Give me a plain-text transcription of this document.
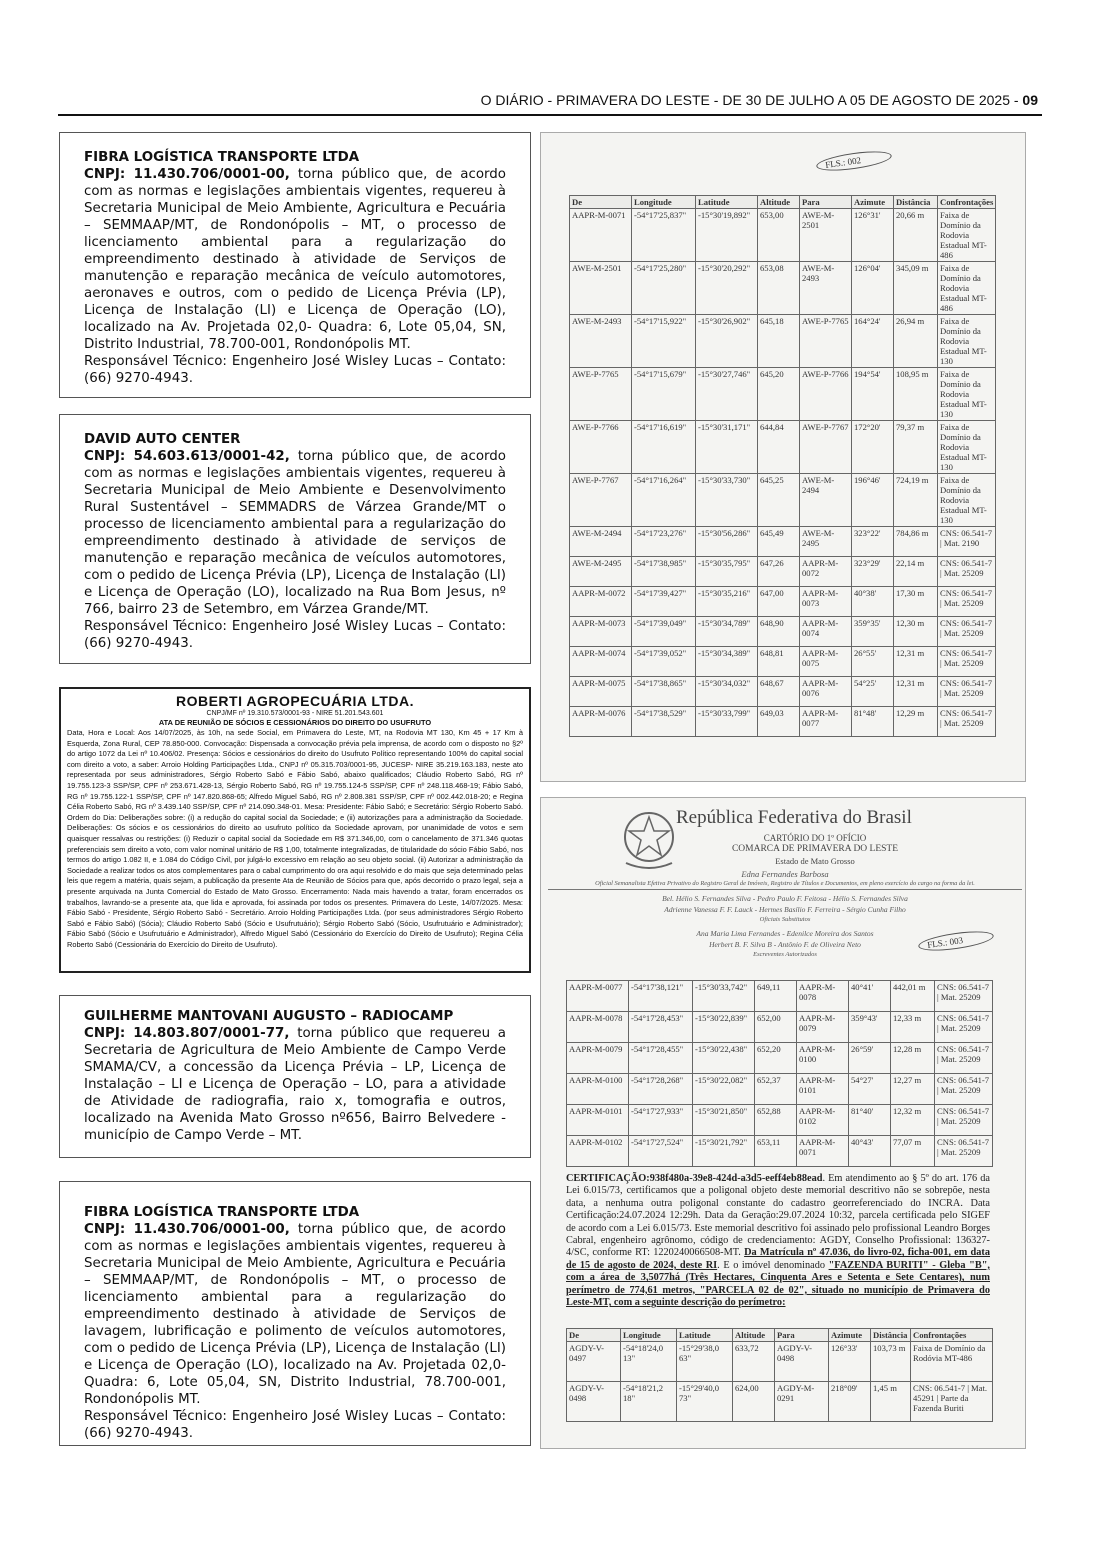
O DIÁRIO - PRIMAVERA DO LESTE - DE 30 DE JULHO A 05 DE AGOSTO DE 2025 - 09
FIBRA LOGÍSTICA TRANSPORTE LTDA
CNPJ: 11.430.706/0001-00, torna público que, de acordo com as normas e legislações ambientais vigentes, requereu à Secretaria Municipal de Meio Ambiente, Agricultura e Pecuária – SEMMAAP/MT, de Rondonópolis – MT, o processo de licenciamento ambiental para a regularização do empreendimento destinado à atividade de Serviços de manutenção e reparação mecânica de veículo automotores, aeronaves e outros, com o pedido de Licença Prévia (LP), Licença de Instalação (LI) e Licença de Operação (LO), localizado na Av. Projetada 02,0- Quadra: 6, Lote 05,04, SN, Distrito Industrial, 78.700-001, Rondonópolis MT.
Responsável Técnico: Engenheiro José Wisley Lucas – Contato: (66) 9270-4943.
DAVID AUTO CENTER
CNPJ: 54.603.613/0001-42, torna público que, de acordo com as normas e legislações ambientais vigentes, requereu à Secretaria Municipal de Meio Ambiente e Desenvolvimento Rural Sustentável – SEMMADRS de Várzea Grande/MT o processo de licenciamento ambiental para a regularização do empreendimento destinado à atividade de serviços de manutenção e reparação mecânica de veículos automotores, com o pedido de Licença Prévia (LP), Licença de Instalação (LI) e Licença de Operação (LO), localizado na Rua Bom Jesus, nº 766, bairro 23 de Setembro, em Várzea Grande/MT.
Responsável Técnico: Engenheiro José Wisley Lucas – Contato: (66) 9270-4943.
ROBERTI AGROPECUÁRIA LTDA.
CNPJ/MF nº 19.310.573/0001-93 - NIRE 51.201.543.601
ATA DE REUNIÃO DE SÓCIOS E CESSIONÁRIOS DO DIREITO DO USUFRUTO
Data, Hora e Local: Aos 14/07/2025, às 10h, na sede Social, em Primavera do Leste, MT, na Rodovia MT 130, Km 45 + 17 Km à Esquerda, Zona Rural, CEP 78.850-000. Convocação: Dispensada a convocação prévia pela imprensa, de acordo com o disposto no §2º do artigo 1072 da Lei nº 10.406/02. Presença: Sócios e cessionários do direito do Usufruto Político representando 100% do capital social com direito a voto, a saber: Arroio Holding Participações Ltda., CNPJ nº 05.315.703/0001-95, JUCESP- NIRE 35.219.163.183, neste ato representada por seus administradores, Sérgio Roberto Sabó e Fábio Sabó, abaixo qualificados; Cláudio Roberto Sabó, RG nº 19.755.123-3 SSP/SP, CPF nº 253.671.428-13, Sérgio Roberto Sabó, RG nº 19.755.124-5 SSP/SP, CPF nº 248.118.468-19; Fábio Sabó, RG nº 19.755.122-1 SSP/SP, CPF nº 147.820.868-65; Alfredo Miguel Sabó, RG nº 2.808.381 SSP/SP, CPF nº 002.442.018-20; e Regina Célia Roberto Sabó, RG nº 3.439.140 SSP/SP, CPF nº 214.090.348-01. Mesa: Presidente: Fábio Sabó; e Secretário: Sérgio Roberto Sabó. Ordem do Dia: Deliberações sobre: (i) a redução do capital social da Sociedade; e (ii) autorizações para a administração da Sociedade. Deliberações: Os sócios e os cessionários do direito ao usufruto político da Sociedade aprovam, por unanimidade de votos e sem quaisquer ressalvas ou restrições: (i) Reduzir o capital social da Sociedade em R$ 371.346,00, com o cancelamento de 371.346 quotas preferenciais sem direito a voto, com valor nominal unitário de R$ 1,00, totalmente integralizadas, de titularidade do sócio Fábio Sabó, nos termos do artigo 1.082 II, e 1.084 do Código Civil, por julgá-lo excessivo em relação ao seu objeto social. (ii) Autorizar a administração da Sociedade a realizar todos os atos complementares para o cabal cumprimento do ora aqui resolvido e do mais que seja determinado pelas leis que regem a matéria, quais sejam, a publicação da presente Ata de Reunião de Sócios para que, após decorrido o prazo legal, seja a presente arquivada na Junta Comercial do Estado de Mato Grosso. Encerramento: Nada mais havendo a tratar, foram encerrados os trabalhos, lavrando-se a presente ata, que lida e aprovada, foi assinada por todos os presentes. Primavera do Leste, 14/07/2025. Mesa: Fábio Sabó - Presidente, Sérgio Roberto Sabó - Secretário. Arroio Holding Participações Ltda. (por seus administradores Sérgio Roberto Sabó e Fábio Sabó) (Sócia); Cláudio Roberto Sabó (Sócio e Usufrutuário); Sérgio Roberto Sabó (Sócio, Usufrutuário e Administrador); Fábio Sabó (Sócio e Usufrutuário e Administrador), Alfredo Miguel Sabó (Cessionário do Exercício do Direito de Usufruto); Regina Célia Roberto Sabó (Cessionária do Exercício do Direito de Usufruto).
GUILHERME MANTOVANI AUGUSTO – RADIOCAMP
CNPJ: 14.803.807/0001-77, torna público que requereu a Secretaria de Agricultura de Meio Ambiente de Campo Verde SMAMA/CV, a concessão da Licença Prévia – LP, Licença de Instalação – LI e Licença de Operação – LO, para a atividade de Atividade de radiografia, raio x, tomografia e outros, localizado na Avenida Mato Grosso nº656, Bairro Belvedere - município de Campo Verde – MT.
FIBRA LOGÍSTICA TRANSPORTE LTDA
CNPJ: 11.430.706/0001-00, torna público que, de acordo com as normas e legislações ambientais vigentes, requereu à Secretaria Municipal de Meio Ambiente, Agricultura e Pecuária – SEMMAAP/MT, de Rondonópolis – MT, o processo de licenciamento ambiental para a regularização do empreendimento destinado à atividade de Serviços de lavagem, lubrificação e polimento de veículos automotores, com o pedido de Licença Prévia (LP), Licença de Instalação (LI) e Licença de Operação (LO), localizado na Av. Projetada 02,0- Quadra: 6, Lote 05,04, SN, Distrito Industrial, 78.700-001, Rondonópolis MT.
Responsável Técnico: Engenheiro José Wisley Lucas – Contato: (66) 9270-4943.
FLS.: 002
De	Longitude	Latitude	Altitude	Para	Azimute	Distância	Confrontações
AAPR-M-0071	-54°17'25,837"	-15°30'19,892"	653,00	AWE-M-2501	126°31'	20,66 m	Faixa de Domínio da Rodovia Estadual MT-486
AWE-M-2501	-54°17'25,280"	-15°30'20,292"	653,08	AWE-M-2493	126°04'	345,09 m	Faixa de Domínio da Rodovia Estadual MT-486
AWE-M-2493	-54°17'15,922"	-15°30'26,902"	645,18	AWE-P-7765	164°24'	26,94 m	Faixa de Domínio da Rodovia Estadual MT-130
AWE-P-7765	-54°17'15,679"	-15°30'27,746"	645,20	AWE-P-7766	194°54'	108,95 m	Faixa de Domínio da Rodovia Estadual MT-130
AWE-P-7766	-54°17'16,619"	-15°30'31,171"	644,84	AWE-P-7767	172°20'	79,37 m	Faixa de Domínio da Rodovia Estadual MT-130
AWE-P-7767	-54°17'16,264"	-15°30'33,730"	645,25	AWE-M-2494	196°46'	724,19 m	Faixa de Domínio da Rodovia Estadual MT-130
AWE-M-2494	-54°17'23,276"	-15°30'56,286"	645,49	AWE-M-2495	323°22'	784,86 m	CNS: 06.541-7 | Mat. 2190
AWE-M-2495	-54°17'38,985"	-15°30'35,795"	647,26	AAPR-M-0072	323°29'	22,14 m	CNS: 06.541-7 | Mat. 25209
AAPR-M-0072	-54°17'39,427"	-15°30'35,216"	647,00	AAPR-M-0073	40°38'	17,30 m	CNS: 06.541-7 | Mat. 25209
AAPR-M-0073	-54°17'39,049"	-15°30'34,789"	648,90	AAPR-M-0074	359°35'	12,30 m	CNS: 06.541-7 | Mat. 25209
AAPR-M-0074	-54°17'39,052"	-15°30'34,389"	648,81	AAPR-M-0075	26°55'	12,31 m	CNS: 06.541-7 | Mat. 25209
AAPR-M-0075	-54°17'38,865"	-15°30'34,032"	648,67	AAPR-M-0076	54°25'	12,31 m	CNS: 06.541-7 | Mat. 25209
AAPR-M-0076	-54°17'38,529"	-15°30'33,799"	649,03	AAPR-M-0077	81°48'	12,29 m	CNS: 06.541-7 | Mat. 25209
República Federativa do Brasil
CARTÓRIO DO 1º OFÍCIO
COMARCA DE PRIMAVERA DO LESTE
Estado de Mato Grosso
Edna Fernandes Barbosa
Oficial Semanalista Efetiva Privativo do Registro Geral de Imóveis, Registro de Títulos e Documentos, em pleno exercício do cargo na forma da lei.
Bel. Hélio S. Fernandes Silva - Pedro Paulo F. Feitosa - Hélio S. Fernandes Silva
Adrienne Vanessa F. F. Lauck - Hermes Basílio F. Ferreira - Sérgio Cunha Filho
Oficiais Substitutos
Ana Maria Lima Fernandes - Edenilce Moreira dos Santos
Herbert B. F. Silva B - Antônio F. de Oliveira Neto
Escreventes Autorizados
FLS.: 003
AAPR-M-0077	-54°17'38,121"	-15°30'33,742"	649,11	AAPR-M-0078	40°41'	442,01 m	CNS: 06.541-7 | Mat. 25209
AAPR-M-0078	-54°17'28,453"	-15°30'22,839"	652,00	AAPR-M-0079	359°43'	12,33 m	CNS: 06.541-7 | Mat. 25209
AAPR-M-0079	-54°17'28,455"	-15°30'22,438"	652,20	AAPR-M-0100	26°59'	12,28 m	CNS: 06.541-7 | Mat. 25209
AAPR-M-0100	-54°17'28,268"	-15°30'22,082"	652,37	AAPR-M-0101	54°27'	12,27 m	CNS: 06.541-7 | Mat. 25209
AAPR-M-0101	-54°17'27,933"	-15°30'21,850"	652,88	AAPR-M-0102	81°40'	12,32 m	CNS: 06.541-7 | Mat. 25209
AAPR-M-0102	-54°17'27,524"	-15°30'21,792"	653,11	AAPR-M-0071	40°43'	77,07 m	CNS: 06.541-7 | Mat. 25209
CERTIFICAÇÃO:938f480a-39e8-424d-a3d5-eeff4eb88ead. Em atendimento ao § 5º do art. 176 da Lei 6.015/73, certificamos que a poligonal objeto deste memorial descritivo não se sobrepõe, nesta data, a nenhuma outra poligonal constante do cadastro georreferenciado do INCRA. Data Certificação:24.07.2024 12:29h. Data da Geração:29.07.2024 10:32, parcela certificada pelo SIGEF de acordo com a Lei 6.015/73. Este memorial descritivo foi assinado pelo profissional Leandro Borges Cabral, engenheiro agrônomo, código de credenciamento: AGDY, Conselho Profissional: 136327-4/SC, conforme RT: 1220240066508-MT. Da Matrícula nº 47.036, do livro-02, ficha-001, em data de 15 de agosto de 2024, deste RI. E o imóvel denominado "FAZENDA BURITI" - Gleba "B", com a área de 3,5077há (Três Hectares, Cinquenta Ares e Setenta e Sete Centares), num perímetro de 774,61 metros, "PARCELA 02 de 02", situado no município de Primavera do Leste-MT, com a seguinte descrição do perímetro:
De	Longitude	Latitude	Altitude	Para	Azimute	Distância	Confrontações
AGDY-V-0497	-54°18'24,0 13"	-15°29'38,0 63"	633,72	AGDY-V-0498	126°33'	103,73 m	Faixa de Domínio da Rodóvia MT-486
AGDY-V-0498	-54°18'21,2 18"	-15°29'40,0 73"	624,00	AGDY-M-0291	218°09'	1,45 m	CNS: 06.541-7 | Mat. 45291 | Parte da Fazenda Buriti
